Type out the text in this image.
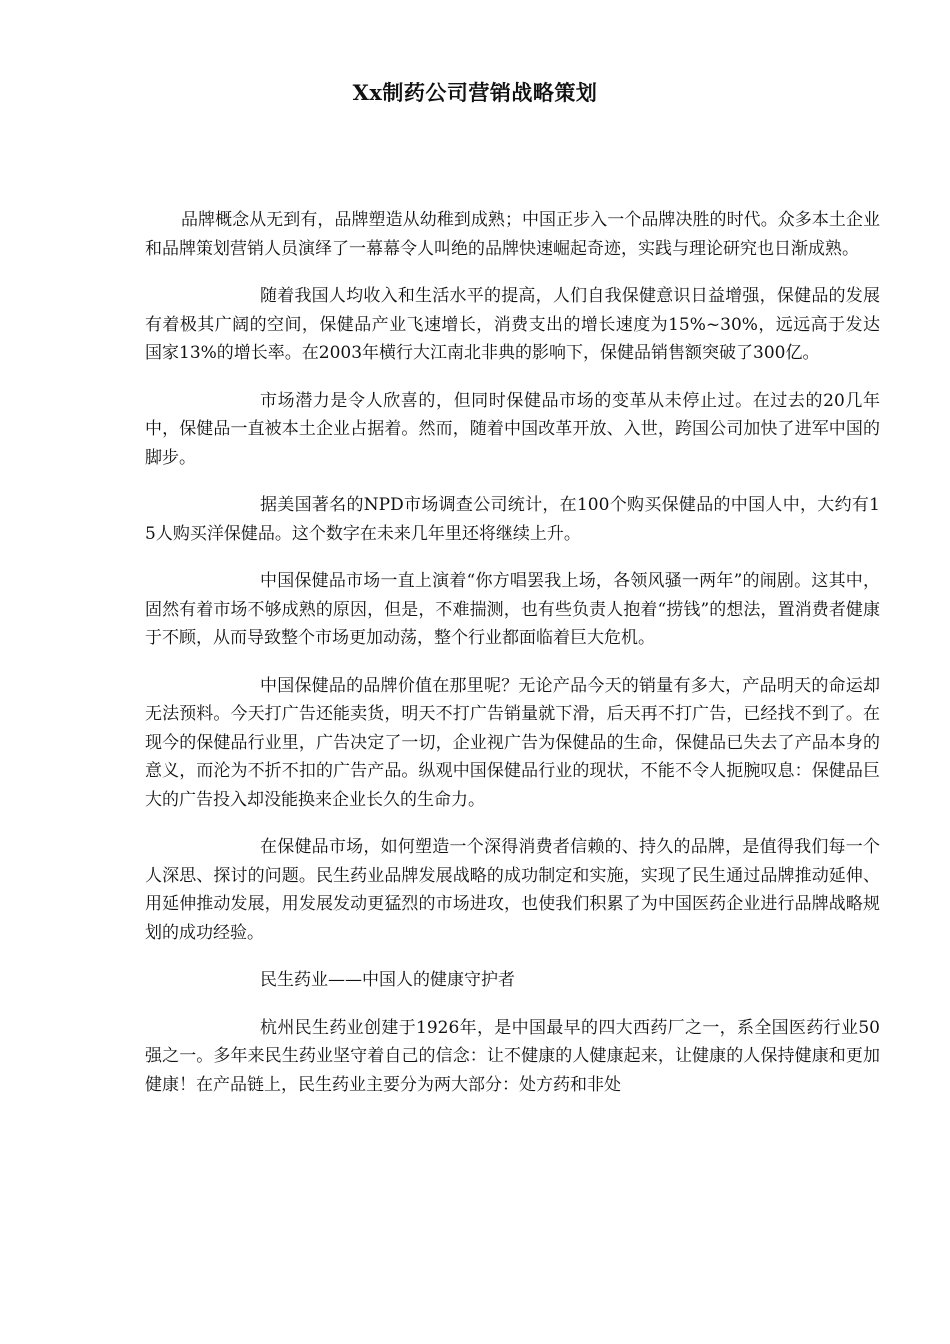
Xx制药公司营销战略策划

品牌概念从无到有，品牌塑造从幼稚到成熟；中国正步入一个品牌决胜的时代。众多本土企业和品牌策划营销人员演绎了一幕幕令人叫绝的品牌快速崛起奇迹，实践与理论研究也日渐成熟。

随着我国人均收入和生活水平的提高，人们自我保健意识日益增强，保健品的发展有着极其广阔的空间，保健品产业飞速增长，消费支出的增长速度为15%~30%，远远高于发达国家13%的增长率。在2003年横行大江南北非典的影响下，保健品销售额突破了300亿。

市场潜力是令人欣喜的，但同时保健品市场的变革从未停止过。在过去的20几年中，保健品一直被本土企业占据着。然而，随着中国改革开放、入世，跨国公司加快了进军中国的脚步。

据美国著名的NPD市场调查公司统计，在100个购买保健品的中国人中，大约有15人购买洋保健品。这个数字在未来几年里还将继续上升。

中国保健品市场一直上演着“你方唱罢我上场，各领风骚一两年”的闹剧。这其中，固然有着市场不够成熟的原因，但是，不难揣测，也有些负责人抱着“捞钱”的想法，置消费者健康于不顾，从而导致整个市场更加动荡，整个行业都面临着巨大危机。

中国保健品的品牌价值在那里呢？无论产品今天的销量有多大，产品明天的命运却无法预料。今天打广告还能卖货，明天不打广告销量就下滑，后天再不打广告，已经找不到了。在现今的保健品行业里，广告决定了一切，企业视广告为保健品的生命，保健品已失去了产品本身的意义，而沦为不折不扣的广告产品。纵观中国保健品行业的现状，不能不令人扼腕叹息：保健品巨大的广告投入却没能换来企业长久的生命力。

在保健品市场，如何塑造一个深得消费者信赖的、持久的品牌，是值得我们每一个人深思、探讨的问题。民生药业品牌发展战略的成功制定和实施，实现了民生通过品牌推动延伸、用延伸推动发展，用发展发动更猛烈的市场进攻，也使我们积累了为中国医药企业进行品牌战略规划的成功经验。

民生药业——中国人的健康守护者

杭州民生药业创建于1926年，是中国最早的四大西药厂之一，系全国医药行业50强之一。多年来民生药业坚守着自己的信念：让不健康的人健康起来，让健康的人保持健康和更加健康！在产品链上，民生药业主要分为两大部分：处方药和非处
